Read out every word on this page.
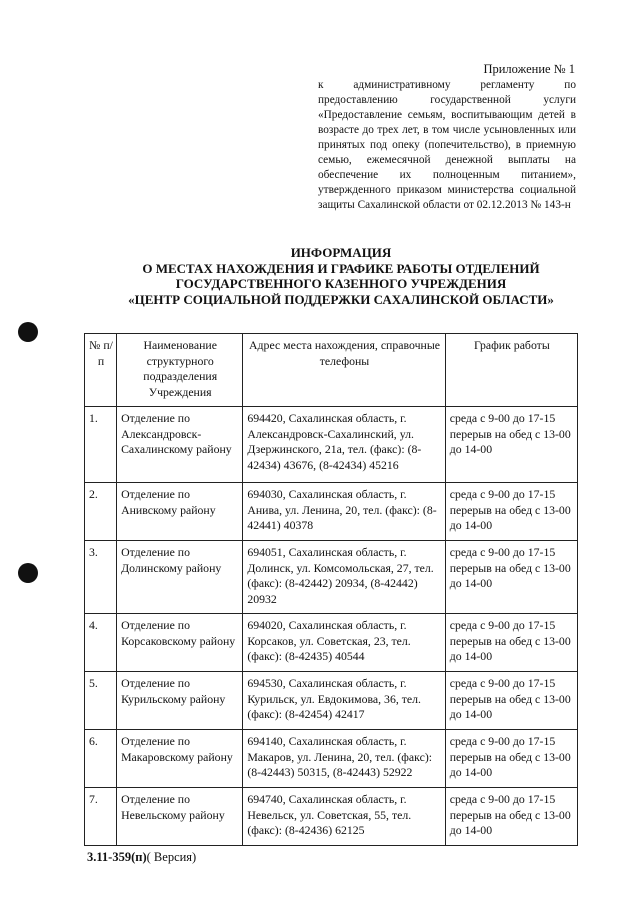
Приложение № 1
к административному регламенту по предоставлению государственной услуги «Предоставление семьям, воспитывающим детей в возрасте до трех лет, в том числе усыновленных или принятых под опеку (попечительство), в приемную семью, ежемесячной денежной выплаты на обеспечение их полноценным питанием», утвержденного приказом министерства социальной защиты Сахалинской области от 02.12.2013 № 143-н
ИНФОРМАЦИЯ
О МЕСТАХ НАХОЖДЕНИЯ И ГРАФИКЕ РАБОТЫ ОТДЕЛЕНИЙ
ГОСУДАРСТВЕННОГО КАЗЕННОГО УЧРЕЖДЕНИЯ
«ЦЕНТР СОЦИАЛЬНОЙ ПОДДЕРЖКИ САХАЛИНСКОЙ ОБЛАСТИ»
№ п/п	Наименование структурного подразделения Учреждения	Адрес места нахождения, справочные телефоны	График работы
1.	Отделение по Александровск-Сахалинскому району	694420, Сахалинская область, г. Александровск-Сахалинский, ул. Дзержинского, 21а, тел. (факс): (8-42434) 43676, (8-42434) 45216	среда с 9-00 до 17-15 перерыв на обед с 13-00 до 14-00
2.	Отделение по Анивскому району	694030, Сахалинская область, г. Анива, ул. Ленина, 20, тел. (факс): (8-42441) 40378	среда с 9-00 до 17-15 перерыв на обед с 13-00 до 14-00
3.	Отделение по Долинскому району	694051, Сахалинская область, г. Долинск, ул. Комсомольская, 27, тел. (факс): (8-42442) 20934, (8-42442) 20932	среда с 9-00 до 17-15 перерыв на обед с 13-00 до 14-00
4.	Отделение по Корсаковскому району	694020, Сахалинская область, г. Корсаков, ул. Советская, 23, тел. (факс): (8-42435) 40544	среда с 9-00 до 17-15 перерыв на обед с 13-00 до 14-00
5.	Отделение по Курильскому району	694530, Сахалинская область, г. Курильск, ул. Евдокимова, 36, тел. (факс): (8-42454) 42417	среда с 9-00 до 17-15 перерыв на обед с 13-00 до 14-00
6.	Отделение по Макаровскому району	694140, Сахалинская область, г. Макаров, ул. Ленина, 20, тел. (факс): (8-42443) 50315, (8-42443) 52922	среда с 9-00 до 17-15 перерыв на обед с 13-00 до 14-00
7.	Отделение по Невельскому району	694740, Сахалинская область, г. Невельск, ул. Советская, 55, тел. (факс): (8-42436) 62125	среда с 9-00 до 17-15 перерыв на обед с 13-00 до 14-00
3.11-359(п)( Версия)
